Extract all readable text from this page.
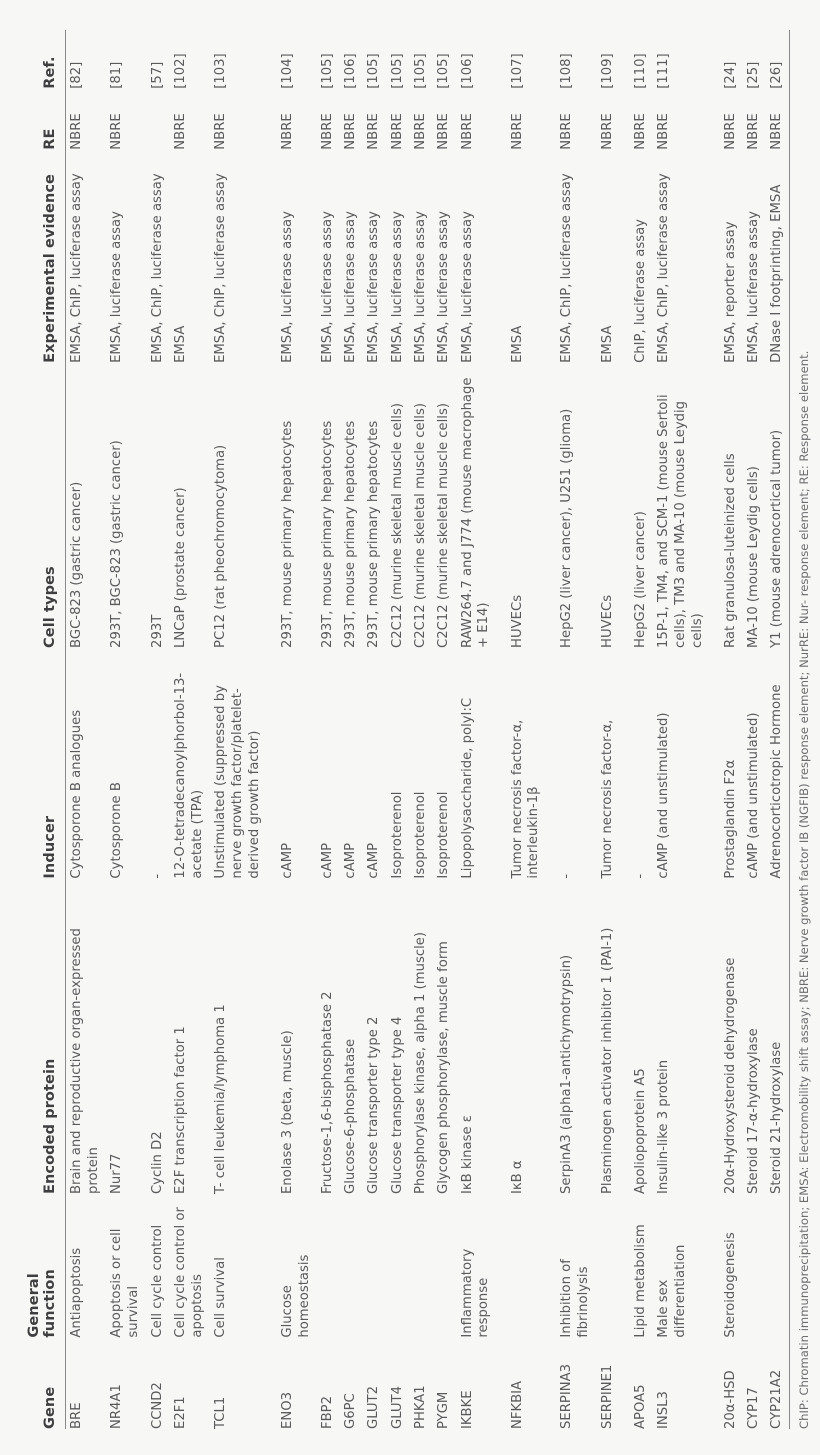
Gene	General function	Encoded protein	Inducer	Cell types	Experimental evidence	RE	Ref.
BRE	Antiapoptosis	Brain and reproductive organ-expressed protein	Cytosporone B analogues	BGC-823 (gastric cancer)	EMSA, ChIP, luciferase assay	NBRE	[82]
NR4A1	Apoptosis or cell survival	Nur77	Cytosporone B	293T, BGC-823 (gastric cancer)	EMSA, luciferase assay	NBRE	[81]
CCND2	Cell cycle control	Cyclin D2	-	293T	EMSA, ChIP, luciferase assay		[57]
E2F1	Cell cycle control or apoptosis	E2F transcription factor 1	12-O-tetradecanoylphorbol-13-acetate (TPA)	LNCaP (prostate cancer)	EMSA	NBRE	[102]
TCL1	Cell survival	T- cell leukemia/lymphoma 1	Unstimulated (suppressed by nerve growth factor/platelet-derived growth factor)	PC12 (rat pheochromocytoma)	EMSA, ChIP, luciferase assay	NBRE	[103]
ENO3	Glucose homeostasis	Enolase 3 (beta, muscle)	cAMP	293T, mouse primary hepatocytes	EMSA, luciferase assay	NBRE	[104]
FBP2		Fructose-1,6-bisphosphatase 2	cAMP	293T, mouse primary hepatocytes	EMSA, luciferase assay	NBRE	[105]
G6PC		Glucose-6-phosphatase	cAMP	293T, mouse primary hepatocytes	EMSA, luciferase assay	NBRE	[106]
GLUT2		Glucose transporter type 2	cAMP	293T, mouse primary hepatocytes	EMSA, luciferase assay	NBRE	[105]
GLUT4		Glucose transporter type 4	Isoproterenol	C2C12 (murine skeletal muscle cells)	EMSA, luciferase assay	NBRE	[105]
PHKA1		Phosphorylase kinase, alpha 1 (muscle)	Isoproterenol	C2C12 (murine skeletal muscle cells)	EMSA, luciferase assay	NBRE	[105]
PYGM		Glycogen phosphorylase, muscle form	Isoproterenol	C2C12 (murine skeletal muscle cells)	EMSA, luciferase assay	NBRE	[105]
IKBKE	Inflammatory response	IκB kinase ε	Lipopolysaccharide, polyI:C	RAW264.7 and J774 (mouse macrophage + E14)	EMSA, luciferase assay	NBRE	[106]
NFKBIA		IκB α	Tumor necrosis factor-α, interleukin-1β	HUVECs	EMSA	NBRE	[107]
SERPINA3	Inhibition of fibrinolysis	SerpinA3 (alpha1-antichymotrypsin)	-	HepG2 (liver cancer), U251 (glioma)	EMSA, ChIP, luciferase assay	NBRE	[108]
SERPINE1		Plasminogen activator inhibitor 1 (PAI-1)	Tumor necrosis factor-α,	HUVECs	EMSA	NBRE	[109]
APOA5	Lipid metabolism	Apoliopoprotein A5	-	HepG2 (liver cancer)	ChIP, luciferase assay	NBRE	[110]
INSL3	Male sex differentiation	Insulin-like 3 protein	cAMP (and unstimulated)	15P-1, TM4, and SCM-1 (mouse Sertoli cells), TM3 and MA-10 (mouse Leydig cells)	EMSA, ChIP, luciferase assay	NBRE	[111]
20α-HSD	Steroidogenesis	20α-Hydroxysteroid dehydrogenase	Prostaglandin F2α	Rat granulosa-luteinized cells	EMSA, reporter assay	NBRE	[24]
CYP17		Steroid 17-α-hydroxylase	cAMP (and unstimulated)	MA-10 (mouse Leydig cells)	EMSA, luciferase assay	NBRE	[25]
CYP21A2		Steroid 21-hydroxylase	Adrenocorticotropic Hormone	Y1 (mouse adrenocortical tumor)	DNase I footprinting, EMSA	NBRE	[26]
ChIP: Chromatin immunoprecipitation; EMSA: Electromobility shift assay; NBRE: Nerve growth factor IB (NGFIB) response element; NurRE: Nur- response element; RE: Response element.
